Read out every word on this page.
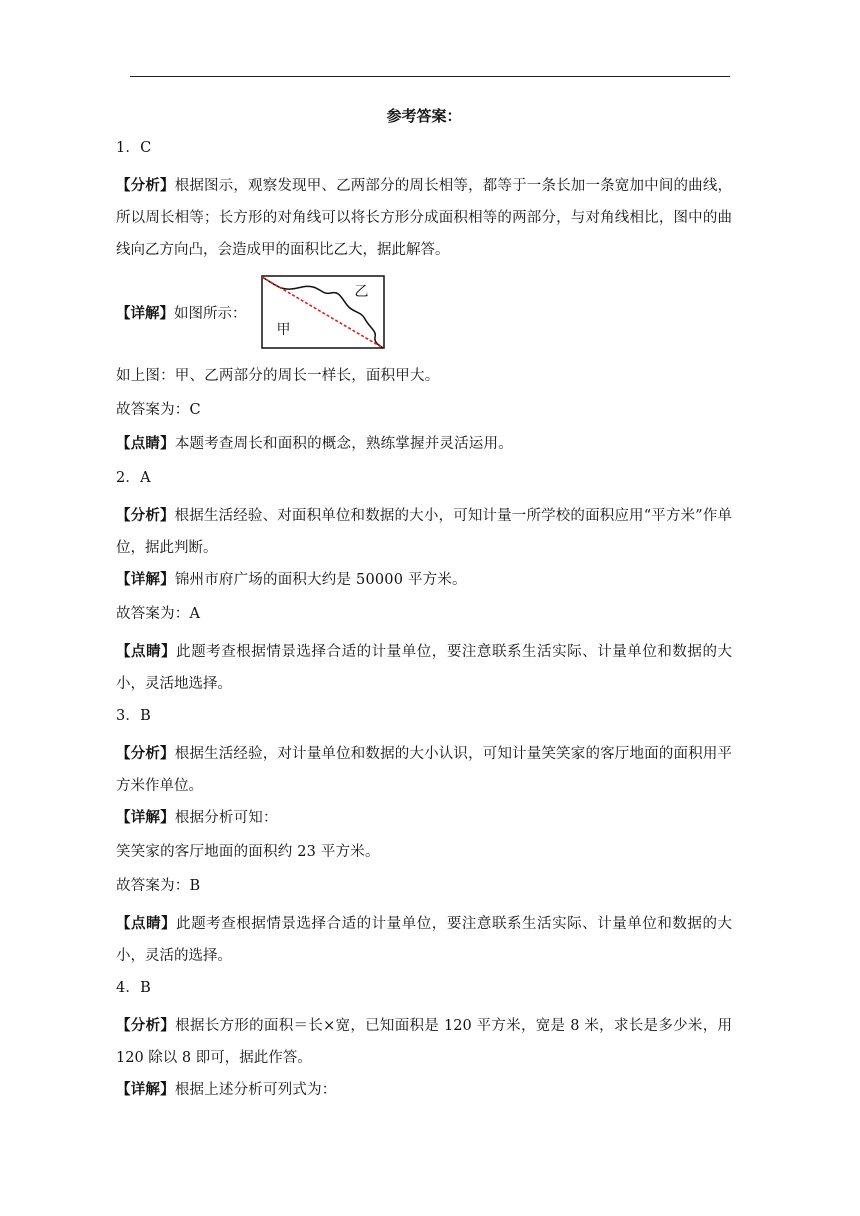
参考答案：
1．C
【分析】根据图示，观察发现甲、乙两部分的周长相等，都等于一条长加一条宽加中间的曲线，所以周长相等；长方形的对角线可以将长方形分成面积相等的两部分，与对角线相比，图中的曲线向乙方向凸，会造成甲的面积比乙大，据此解答。
【详解】如图所示：
甲
乙
如上图：甲、乙两部分的周长一样长，面积甲大。
故答案为：C
【点睛】本题考查周长和面积的概念，熟练掌握并灵活运用。
2．A
【分析】根据生活经验、对面积单位和数据的大小，可知计量一所学校的面积应用“平方米”作单位，据此判断。
【详解】锦州市府广场的面积大约是 50000 平方米。
故答案为：A
【点睛】此题考查根据情景选择合适的计量单位，要注意联系生活实际、计量单位和数据的大小，灵活地选择。
3．B
【分析】根据生活经验，对计量单位和数据的大小认识，可知计量笑笑家的客厅地面的面积用平方米作单位。
【详解】根据分析可知：
笑笑家的客厅地面的面积约 23 平方米。
故答案为：B
【点睛】此题考查根据情景选择合适的计量单位，要注意联系生活实际、计量单位和数据的大小，灵活的选择。
4．B
【分析】根据长方形的面积＝长×宽，已知面积是 120 平方米，宽是 8 米，求长是多少米，用 120 除以 8 即可，据此作答。
【详解】根据上述分析可列式为：
